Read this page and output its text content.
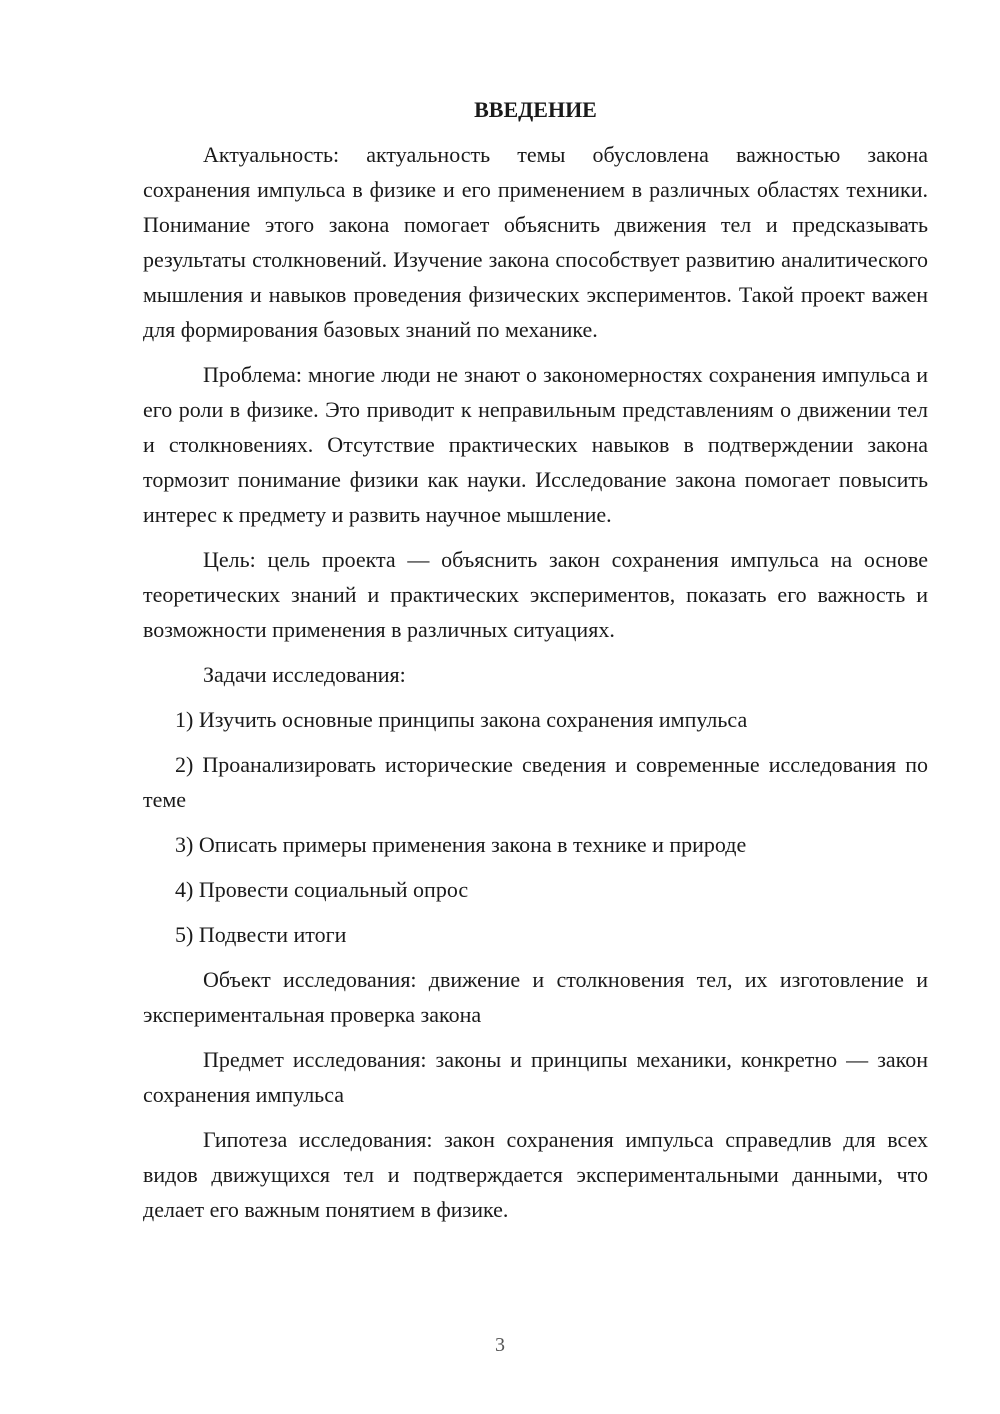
ВВЕДЕНИЕ

Актуальность: актуальность темы обусловлена важностью закона сохранения импульса в физике и его применением в различных областях техники. Понимание этого закона помогает объяснить движения тел и предсказывать результаты столкновений. Изучение закона способствует развитию аналитического мышления и навыков проведения физических экспериментов. Такой проект важен для формирования базовых знаний по механике.

Проблема: многие люди не знают о закономерностях сохранения импульса и его роли в физике. Это приводит к неправильным представлениям о движении тел и столкновениях. Отсутствие практических навыков в подтверждении закона тормозит понимание физики как науки. Исследование закона помогает повысить интерес к предмету и развить научное мышление.

Цель: цель проекта — объяснить закон сохранения импульса на основе теоретических знаний и практических экспериментов, показать его важность и возможности применения в различных ситуациях.

Задачи исследования:

1) Изучить основные принципы закона сохранения импульса

2) Проанализировать исторические сведения и современные исследования по теме

3) Описать примеры применения закона в технике и природе

4) Провести социальный опрос

5) Подвести итоги

Объект исследования: движение и столкновения тел, их изготовление и экспериментальная проверка закона

Предмет исследования: законы и принципы механики, конкретно — закон сохранения импульса

Гипотеза исследования: закон сохранения импульса справедлив для всех видов движущихся тел и подтверждается экспериментальными данными, что делает его важным понятием в физике.

3
